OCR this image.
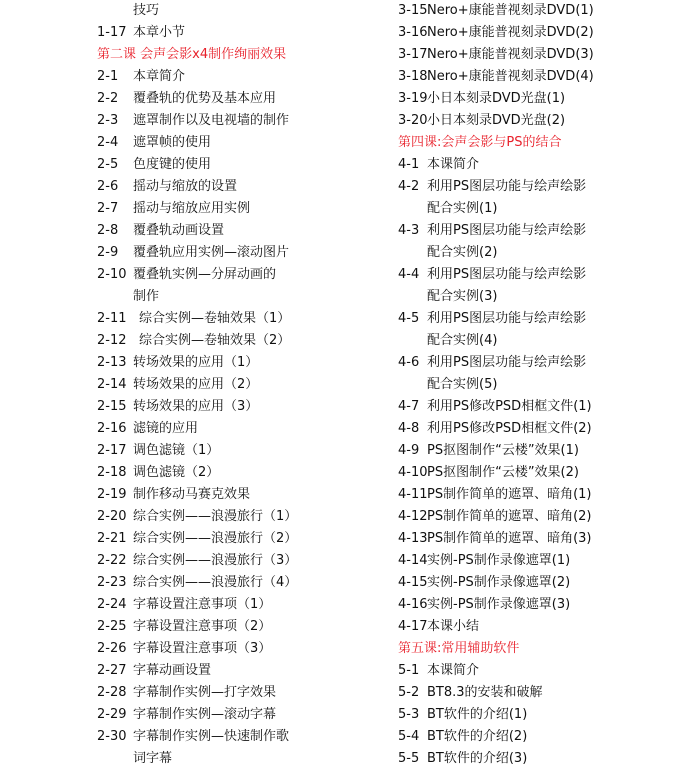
技巧
1-17 本章小节
第二课 会声会影x4制作绚丽效果
2-1 本章简介
2-2 覆叠轨的优势及基本应用
2-3 遮罩制作以及电视墙的制作
2-4 遮罩帧的使用
2-5 色度键的使用
2-6 摇动与缩放的设置
2-7 摇动与缩放应用实例
2-8 覆叠轨动画设置
2-9 覆叠轨应用实例—滚动图片
2-10 覆叠轨实例—分屏动画的
制作
2-11 综合实例—卷轴效果（1）
2-12 综合实例—卷轴效果（2）
2-13 转场效果的应用（1）
2-14 转场效果的应用（2）
2-15 转场效果的应用（3）
2-16 滤镜的应用
2-17 调色滤镜（1）
2-18 调色滤镜（2）
2-19 制作移动马赛克效果
2-20 综合实例——浪漫旅行（1）
2-21 综合实例——浪漫旅行（2）
2-22 综合实例——浪漫旅行（3）
2-23 综合实例——浪漫旅行（4）
2-24 字幕设置注意事项（1）
2-25 字幕设置注意事项（2）
2-26 字幕设置注意事项（3）
2-27 字幕动画设置
2-28 字幕制作实例—打字效果
2-29 字幕制作实例—滚动字幕
2-30 字幕制作实例—快速制作歌
词字幕
3-15 Nero+康能普视刻录DVD(1)
3-16 Nero+康能普视刻录DVD(2)
3-17 Nero+康能普视刻录DVD(3)
3-18 Nero+康能普视刻录DVD(4)
3-19 小日本刻录DVD光盘(1)
3-20 小日本刻录DVD光盘(2)
第四课:会声会影与PS的结合
4-1 本课简介
4-2 利用PS图层功能与绘声绘影
配合实例(1)
4-3 利用PS图层功能与绘声绘影
配合实例(2)
4-4 利用PS图层功能与绘声绘影
配合实例(3)
4-5 利用PS图层功能与绘声绘影
配合实例(4)
4-6 利用PS图层功能与绘声绘影
配合实例(5)
4-7 利用PS修改PSD相框文件(1)
4-8 利用PS修改PSD相框文件(2)
4-9 PS抠图制作“云楼”效果(1)
4-10 PS抠图制作“云楼”效果(2)
4-11 PS制作简单的遮罩、暗角(1)
4-12 PS制作简单的遮罩、暗角(2)
4-13 PS制作简单的遮罩、暗角(3)
4-14 实例-PS制作录像遮罩(1)
4-15 实例-PS制作录像遮罩(2)
4-16 实例-PS制作录像遮罩(3)
4-17 本课小结
第五课:常用辅助软件
5-1 本课简介
5-2 BT8.3的安装和破解
5-3 BT软件的介绍(1)
5-4 BT软件的介绍(2)
5-5 BT软件的介绍(3)
